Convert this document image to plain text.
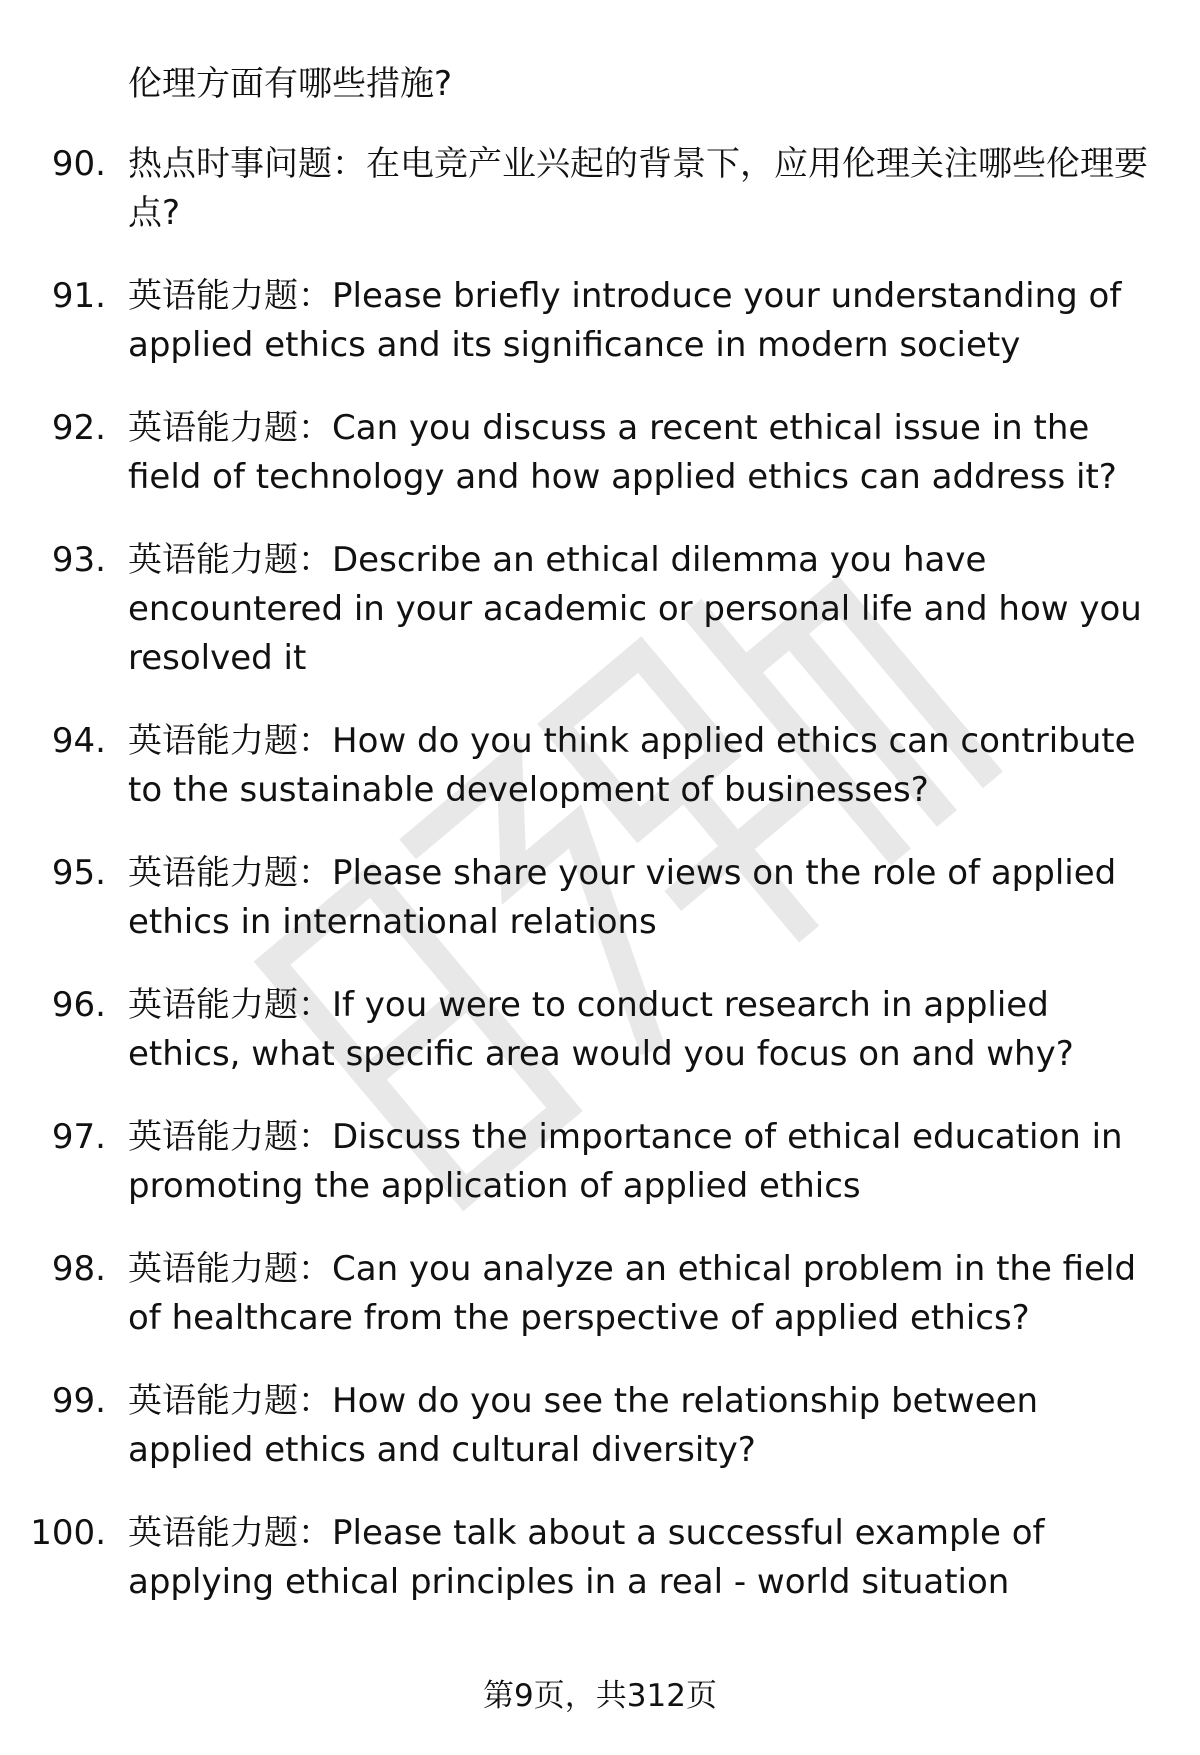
伦理方面有哪些措施?

90. 热点时事问题：在电竞产业兴起的背景下，应用伦理关注哪些伦理要点?
91. 英语能力题：Please briefly introduce your understanding of applied ethics and its significance in modern society
92. 英语能力题：Can you discuss a recent ethical issue in the field of technology and how applied ethics can address it?
93. 英语能力题：Describe an ethical dilemma you have encountered in your academic or personal life and how you resolved it
94. 英语能力题：How do you think applied ethics can contribute to the sustainable development of businesses?
95. 英语能力题：Please share your views on the role of applied ethics in international relations
96. 英语能力题：If you were to conduct research in applied ethics, what specific area would you focus on and why?
97. 英语能力题：Discuss the importance of ethical education in promoting the application of applied ethics
98. 英语能力题：Can you analyze an ethical problem in the field of healthcare from the perspective of applied ethics?
99. 英语能力题：How do you see the relationship between applied ethics and cultural diversity?
100. 英语能力题：Please talk about a successful example of applying ethical principles in a real - world situation
第9页，共312页
